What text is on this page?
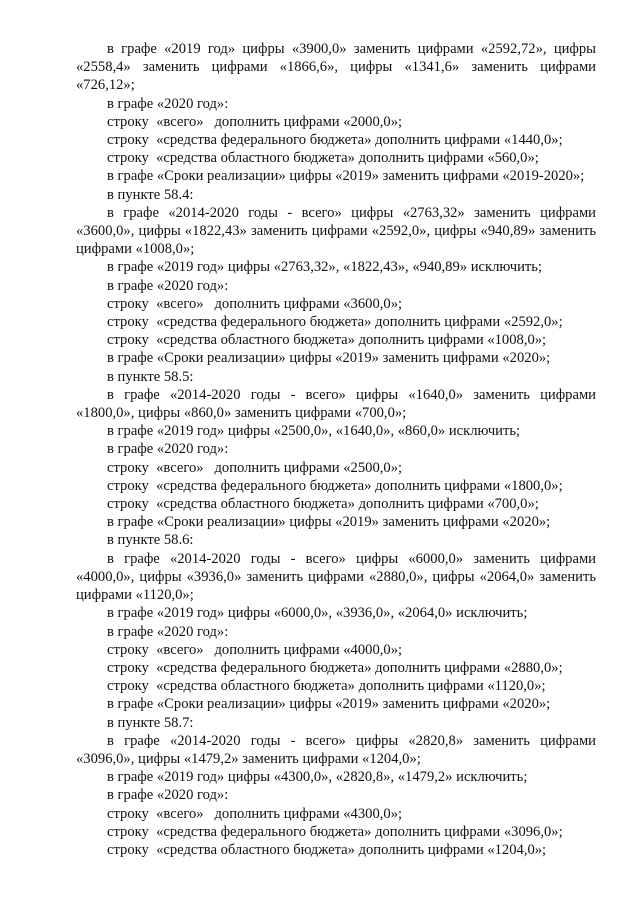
в графе «2019 год» цифры «3900,0» заменить цифрами «2592,72», цифры «2558,4» заменить цифрами «1866,6», цифры «1341,6» заменить цифрами «726,12»;

в графе «2020 год»:

строку  «всего»   дополнить цифрами «2000,0»;

строку  «средства федерального бюджета» дополнить цифрами «1440,0»;

строку  «средства областного бюджета» дополнить цифрами «560,0»;

в графе «Сроки реализации» цифры «2019» заменить цифрами «2019-2020»;

в пункте 58.4:

в графе «2014-2020 годы - всего» цифры «2763,32» заменить цифрами «3600,0», цифры «1822,43» заменить цифрами «2592,0», цифры «940,89» заменить цифрами «1008,0»;

в графе «2019 год» цифры «2763,32», «1822,43», «940,89» исключить;

в графе «2020 год»:

строку  «всего»   дополнить цифрами «3600,0»;

строку  «средства федерального бюджета» дополнить цифрами «2592,0»;

строку  «средства областного бюджета» дополнить цифрами «1008,0»;

в графе «Сроки реализации» цифры «2019» заменить цифрами «2020»;

в пункте 58.5:

в графе «2014-2020 годы - всего» цифры «1640,0» заменить цифрами «1800,0», цифры «860,0» заменить цифрами «700,0»;

в графе «2019 год» цифры «2500,0», «1640,0», «860,0» исключить;

в графе «2020 год»:

строку  «всего»   дополнить цифрами «2500,0»;

строку  «средства федерального бюджета» дополнить цифрами «1800,0»;

строку  «средства областного бюджета» дополнить цифрами «700,0»;

в графе «Сроки реализации» цифры «2019» заменить цифрами «2020»;

в пункте 58.6:

в графе «2014-2020 годы - всего» цифры «6000,0» заменить цифрами «4000,0», цифры «3936,0» заменить цифрами «2880,0», цифры «2064,0» заменить цифрами «1120,0»;

в графе «2019 год» цифры «6000,0», «3936,0», «2064,0» исключить;

в графе «2020 год»:

строку  «всего»   дополнить цифрами «4000,0»;

строку  «средства федерального бюджета» дополнить цифрами «2880,0»;

строку  «средства областного бюджета» дополнить цифрами «1120,0»;

в графе «Сроки реализации» цифры «2019» заменить цифрами «2020»;

в пункте 58.7:

в графе «2014-2020 годы - всего» цифры «2820,8» заменить цифрами «3096,0», цифры «1479,2» заменить цифрами «1204,0»;

в графе «2019 год» цифры «4300,0», «2820,8», «1479,2» исключить;

в графе «2020 год»:

строку  «всего»   дополнить цифрами «4300,0»;

строку  «средства федерального бюджета» дополнить цифрами «3096,0»;

строку  «средства областного бюджета» дополнить цифрами «1204,0»;
